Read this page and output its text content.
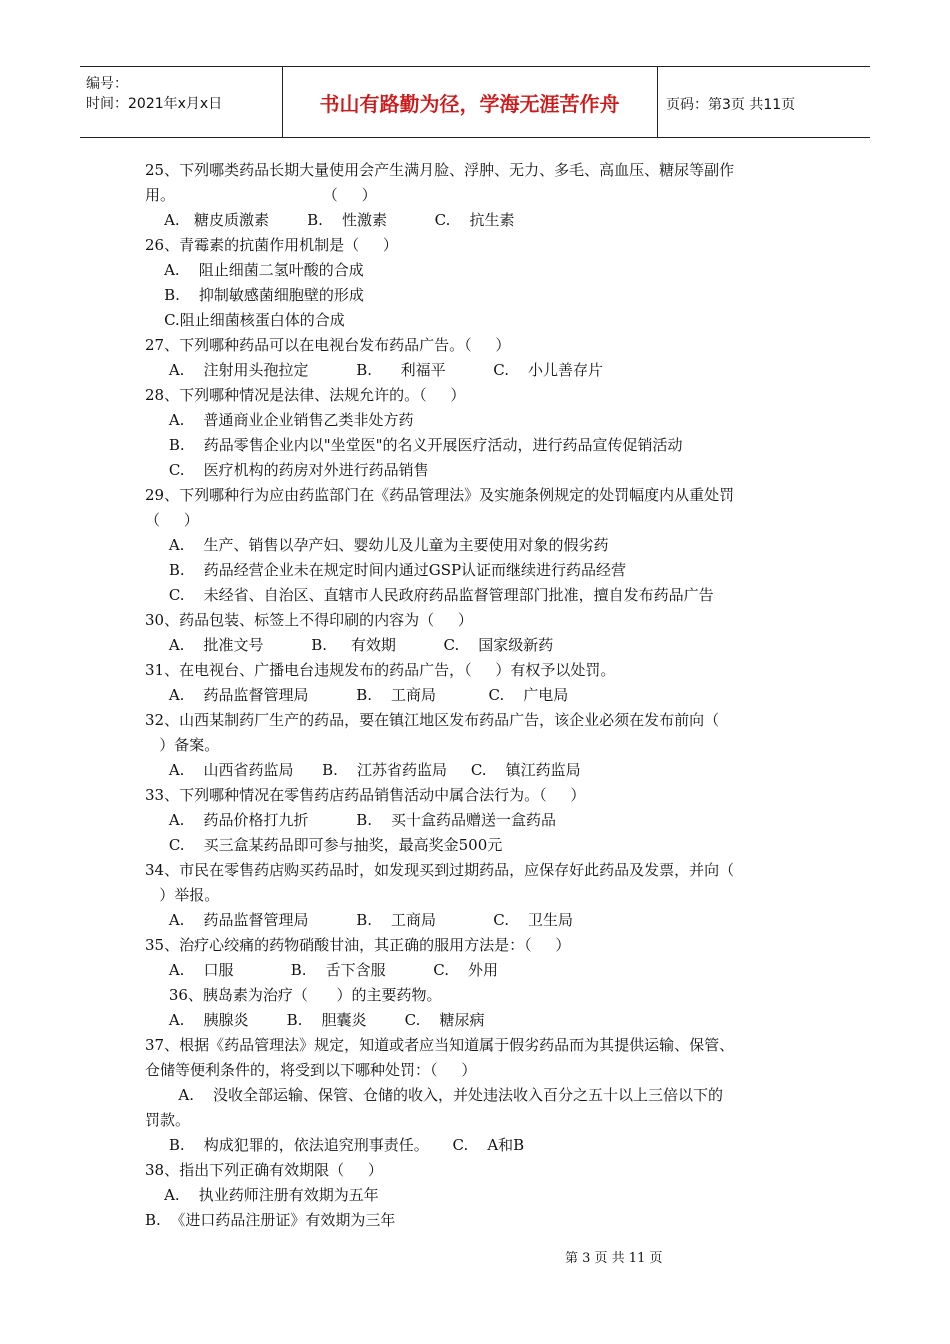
编号：
时间：2021年x月x日	书山有路勤为径，学海无涯苦作舟	页码：第3页 共11页
25、下列哪类药品长期大量使用会产生满月脸、浮肿、无力、多毛、高血压、糖尿等副作
用。                               （     ）
A.   糖皮质激素        B.    性激素          C.    抗生素
26、青霉素的抗菌作用机制是（     ）
A.    阻止细菌二氢叶酸的合成
B.    抑制敏感菌细胞壁的形成
C.阻止细菌核蛋白体的合成
27、下列哪种药品可以在电视台发布药品广告。（     ）
A.    注射用头孢拉定          B.      利福平          C.    小儿善存片
28、下列哪种情况是法律、法规允许的。（     ）
A.    普通商业企业销售乙类非处方药
B.    药品零售企业内以"坐堂医"的名义开展医疗活动，进行药品宣传促销活动
C.    医疗机构的药房对外进行药品销售
29、下列哪种行为应由药监部门在《药品管理法》及实施条例规定的处罚幅度内从重处罚
（     ）
A.    生产、销售以孕产妇、婴幼儿及儿童为主要使用对象的假劣药
B.    药品经营企业未在规定时间内通过GSP认证而继续进行药品经营
C.    未经省、自治区、直辖市人民政府药品监督管理部门批准，擅自发布药品广告
30、药品包装、标签上不得印刷的内容为（     ）
A.    批准文号          B.     有效期          C.    国家级新药
31、在电视台、广播电台违规发布的药品广告，（     ）有权予以处罚。
A.    药品监督管理局          B.    工商局           C.    广电局
32、山西某制药厂生产的药品，要在镇江地区发布药品广告，该企业必须在发布前向（
）备案。
A.    山西省药监局      B.    江苏省药监局     C.    镇江药监局
33、下列哪种情况在零售药店药品销售活动中属合法行为。（     ）
A.    药品价格打九折          B.    买十盒药品赠送一盒药品
C.    买三盒某药品即可参与抽奖，最高奖金500元
34、市民在零售药店购买药品时，如发现买到过期药品，应保存好此药品及发票，并向（
）举报。
A.    药品监督管理局          B.    工商局            C.    卫生局
35、治疗心绞痛的药物硝酸甘油，其正确的服用方法是：（     ）
A.    口服            B.    舌下含服          C.    外用
36、胰岛素为治疗（      ）的主要药物。
A.    胰腺炎        B.    胆囊炎        C.    糖尿病
37、根据《药品管理法》规定，知道或者应当知道属于假劣药品而为其提供运输、保管、
仓储等便利条件的，将受到以下哪种处罚：（     ）
A.    没收全部运输、保管、仓储的收入，并处违法收入百分之五十以上三倍以下的
罚款。
B.    构成犯罪的，依法追究刑事责任。     C.    A和B
38、指出下列正确有效期限（     ）
A.    执业药师注册有效期为五年
B.  《进口药品注册证》有效期为三年
第 3 页 共 11 页
